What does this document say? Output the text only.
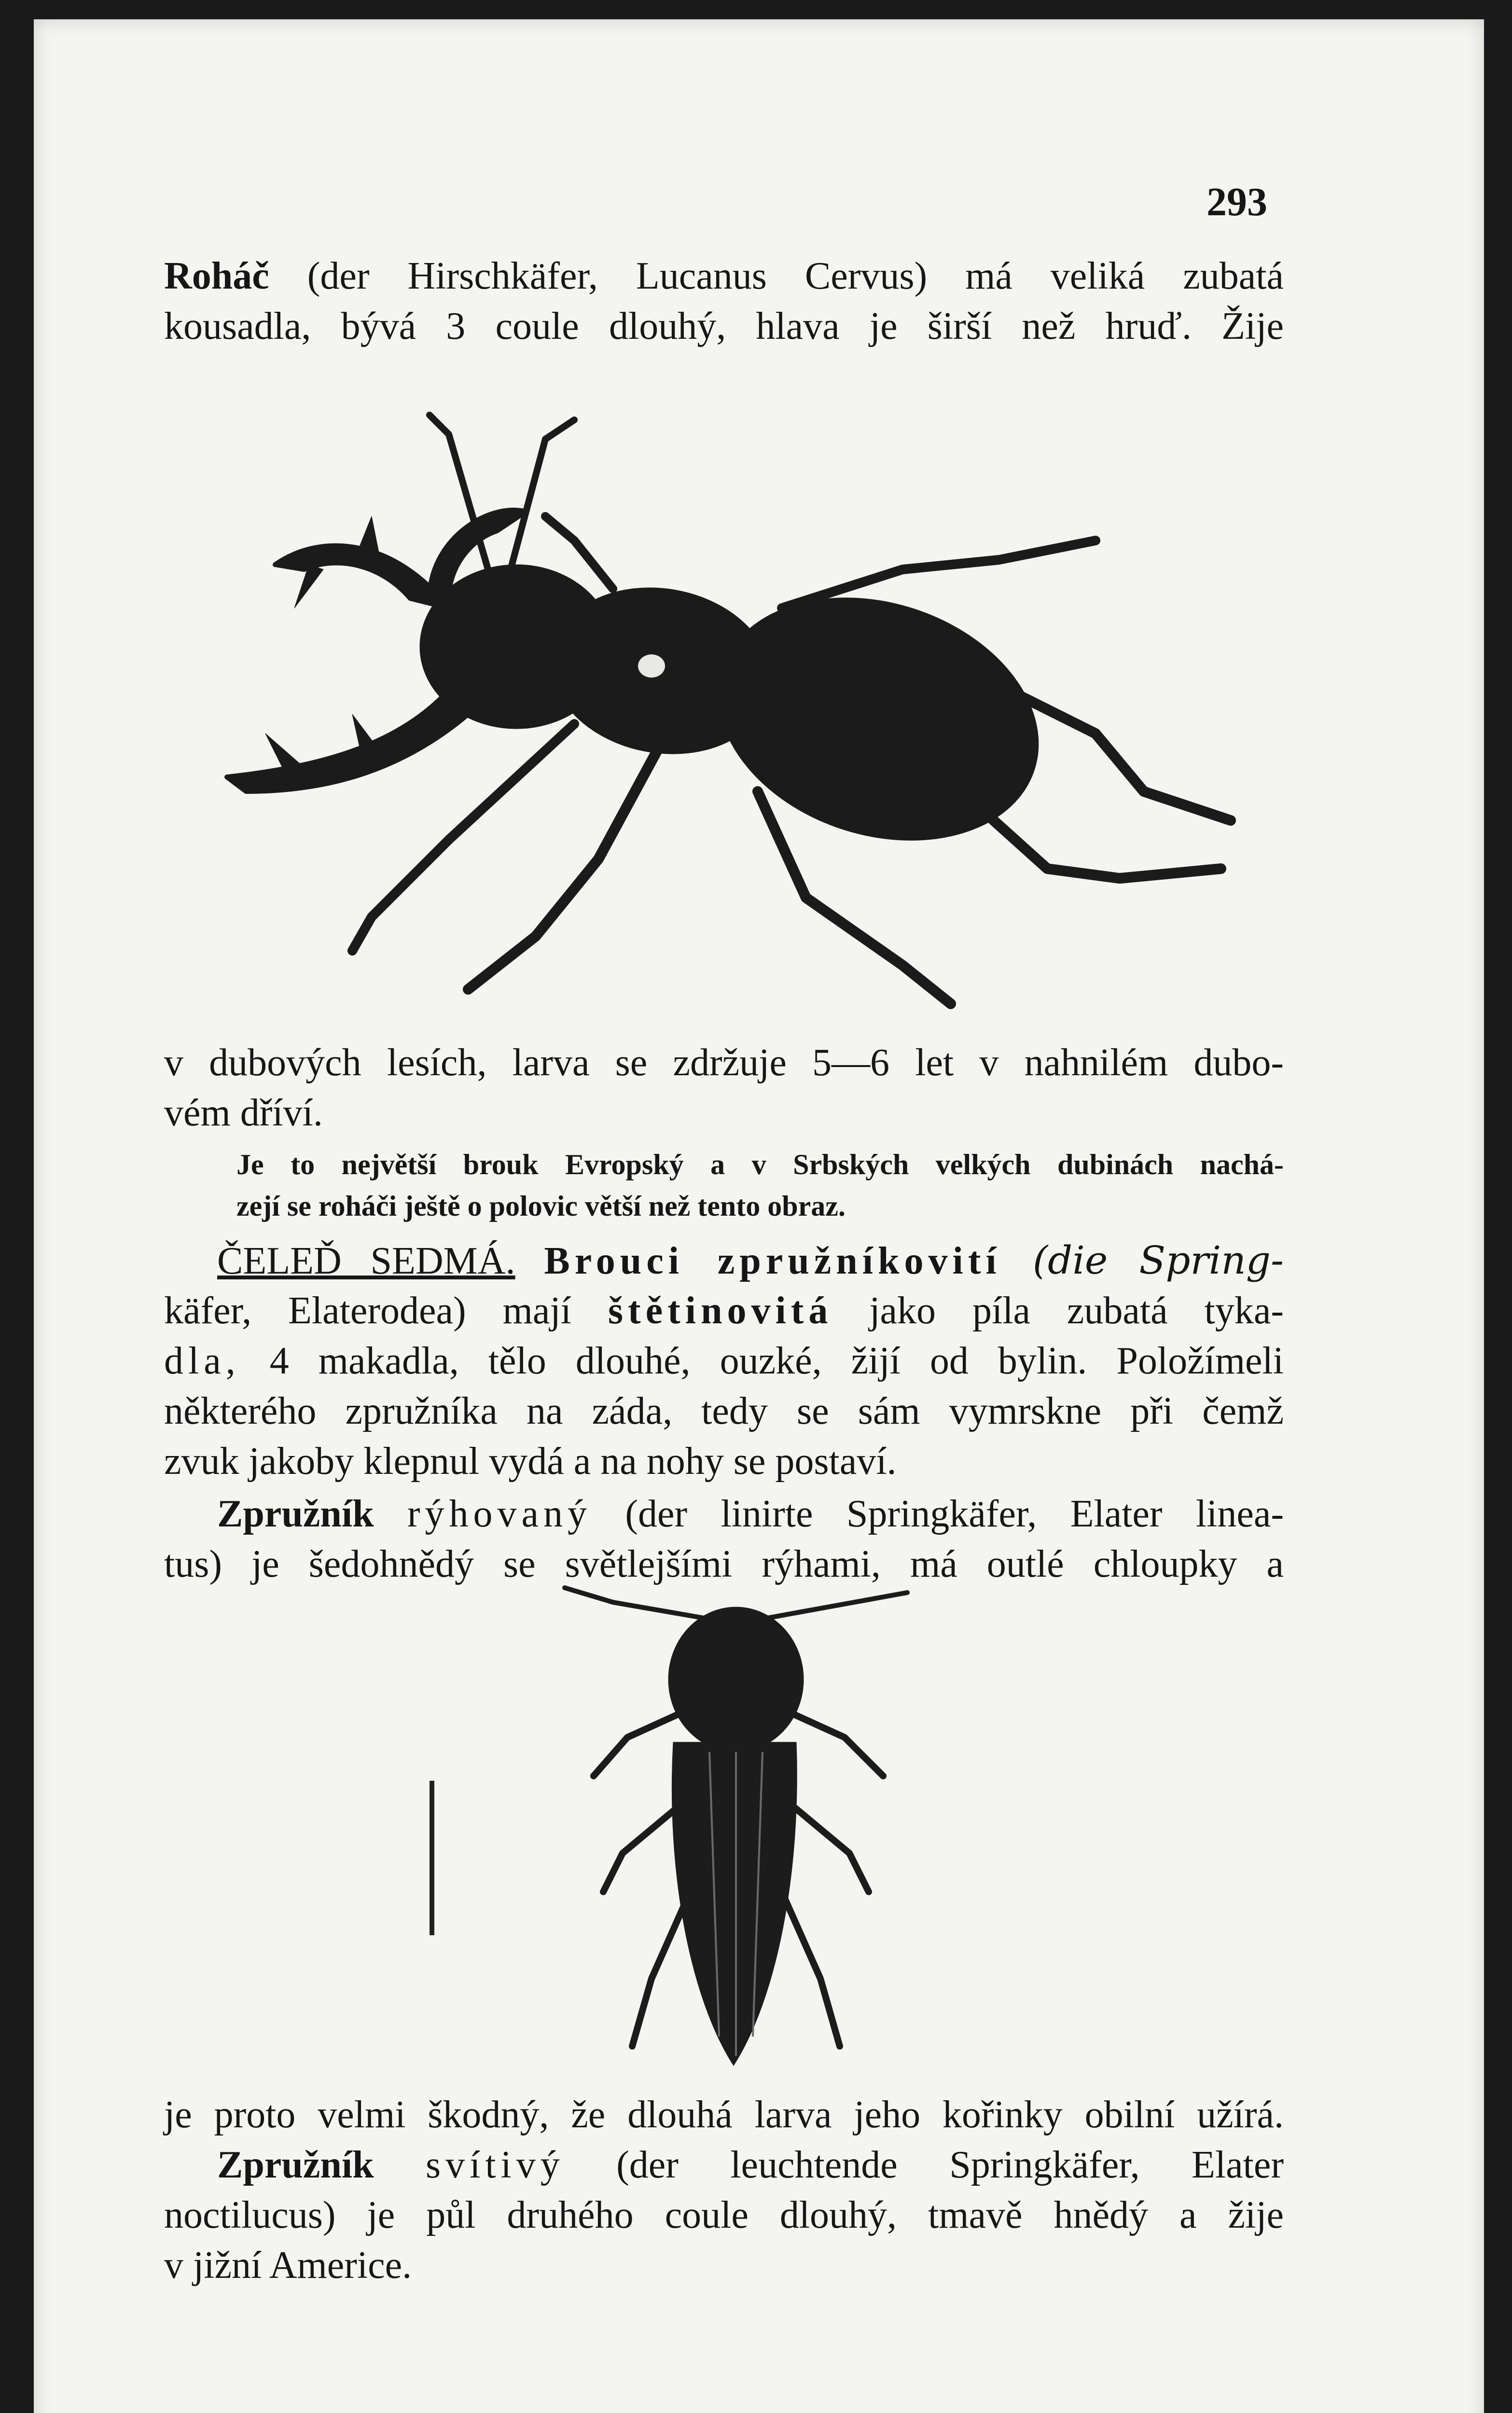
293
Roháč (der Hirschkäfer, Lucanus Cervus) má veliká zubatá
kousadla, bývá 3 coule dlouhý, hlava je širší než hruď. Žije
v dubových lesích, larva se zdržuje 5—6 let v nahnilém dubo-
vém dříví.
Je to největší brouk Evropský a v Srbských velkých dubinách nachá-
zejí se roháči ještě o polovic větší než tento obraz.
ČELEĎ SEDMÁ. Brouci zpružníkovití (die Spring-
käfer, Elaterodea) mají štětinovitá jako píla zubatá tyka-
dla, 4 makadla, tělo dlouhé, ouzké, žijí od bylin. Položímeli
některého zpružníka na záda, tedy se sám vymrskne při čemž
zvuk jakoby klepnul vydá a na nohy se postaví.
Zpružník rýhovaný (der linirte Springkäfer, Elater linea-
tus) je šedohnědý se světlejšími rýhami, má outlé chloupky a
je proto velmi škodný, že dlouhá larva jeho kořinky obilní užírá.
Zpružník svítivý (der leuchtende Springkäfer, Elater
noctilucus) je půl druhého coule dlouhý, tmavě hnědý a žije
v jižní Americe.
